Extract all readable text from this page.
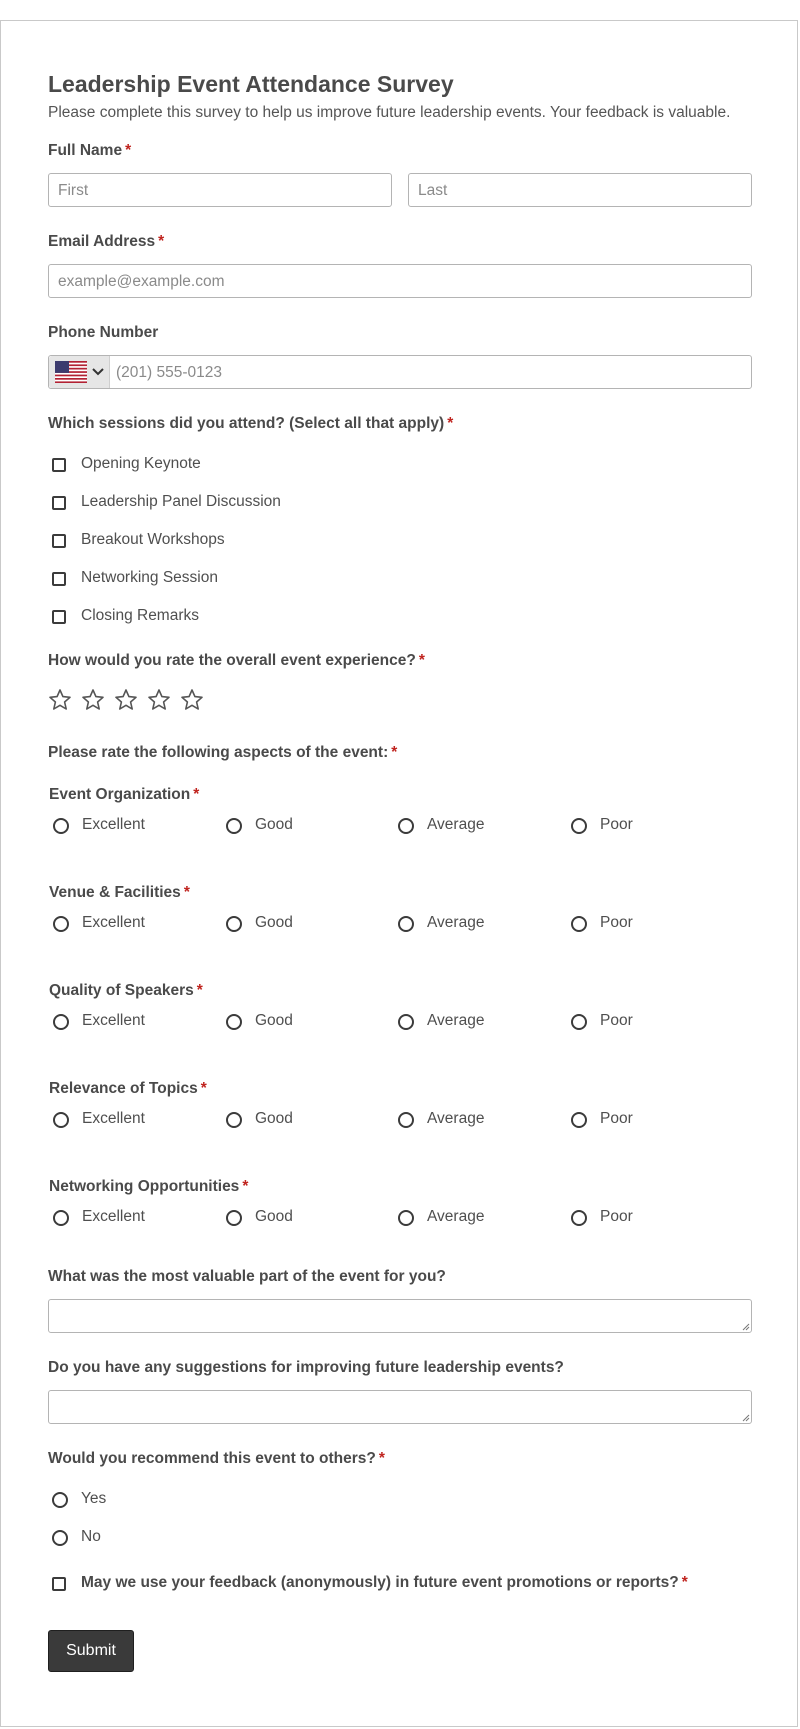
Leadership Event Attendance Survey
Please complete this survey to help us improve future leadership events. Your feedback is valuable.
Full Name *
First	Last
Email Address *
example@example.com
Phone Number
(201) 555-0123
Which sessions did you attend? (Select all that apply) *
Opening Keynote
Leadership Panel Discussion
Breakout Workshops
Networking Session
Closing Remarks
How would you rate the overall event experience? *
Please rate the following aspects of the event: *
Event Organization *
Excellent	Good	Average	Poor
Venue & Facilities *
Excellent	Good	Average	Poor
Quality of Speakers *
Excellent	Good	Average	Poor
Relevance of Topics *
Excellent	Good	Average	Poor
Networking Opportunities *
Excellent	Good	Average	Poor
What was the most valuable part of the event for you?
Do you have any suggestions for improving future leadership events?
Would you recommend this event to others? *
Yes
No
May we use your feedback (anonymously) in future event promotions or reports? *
Submit
